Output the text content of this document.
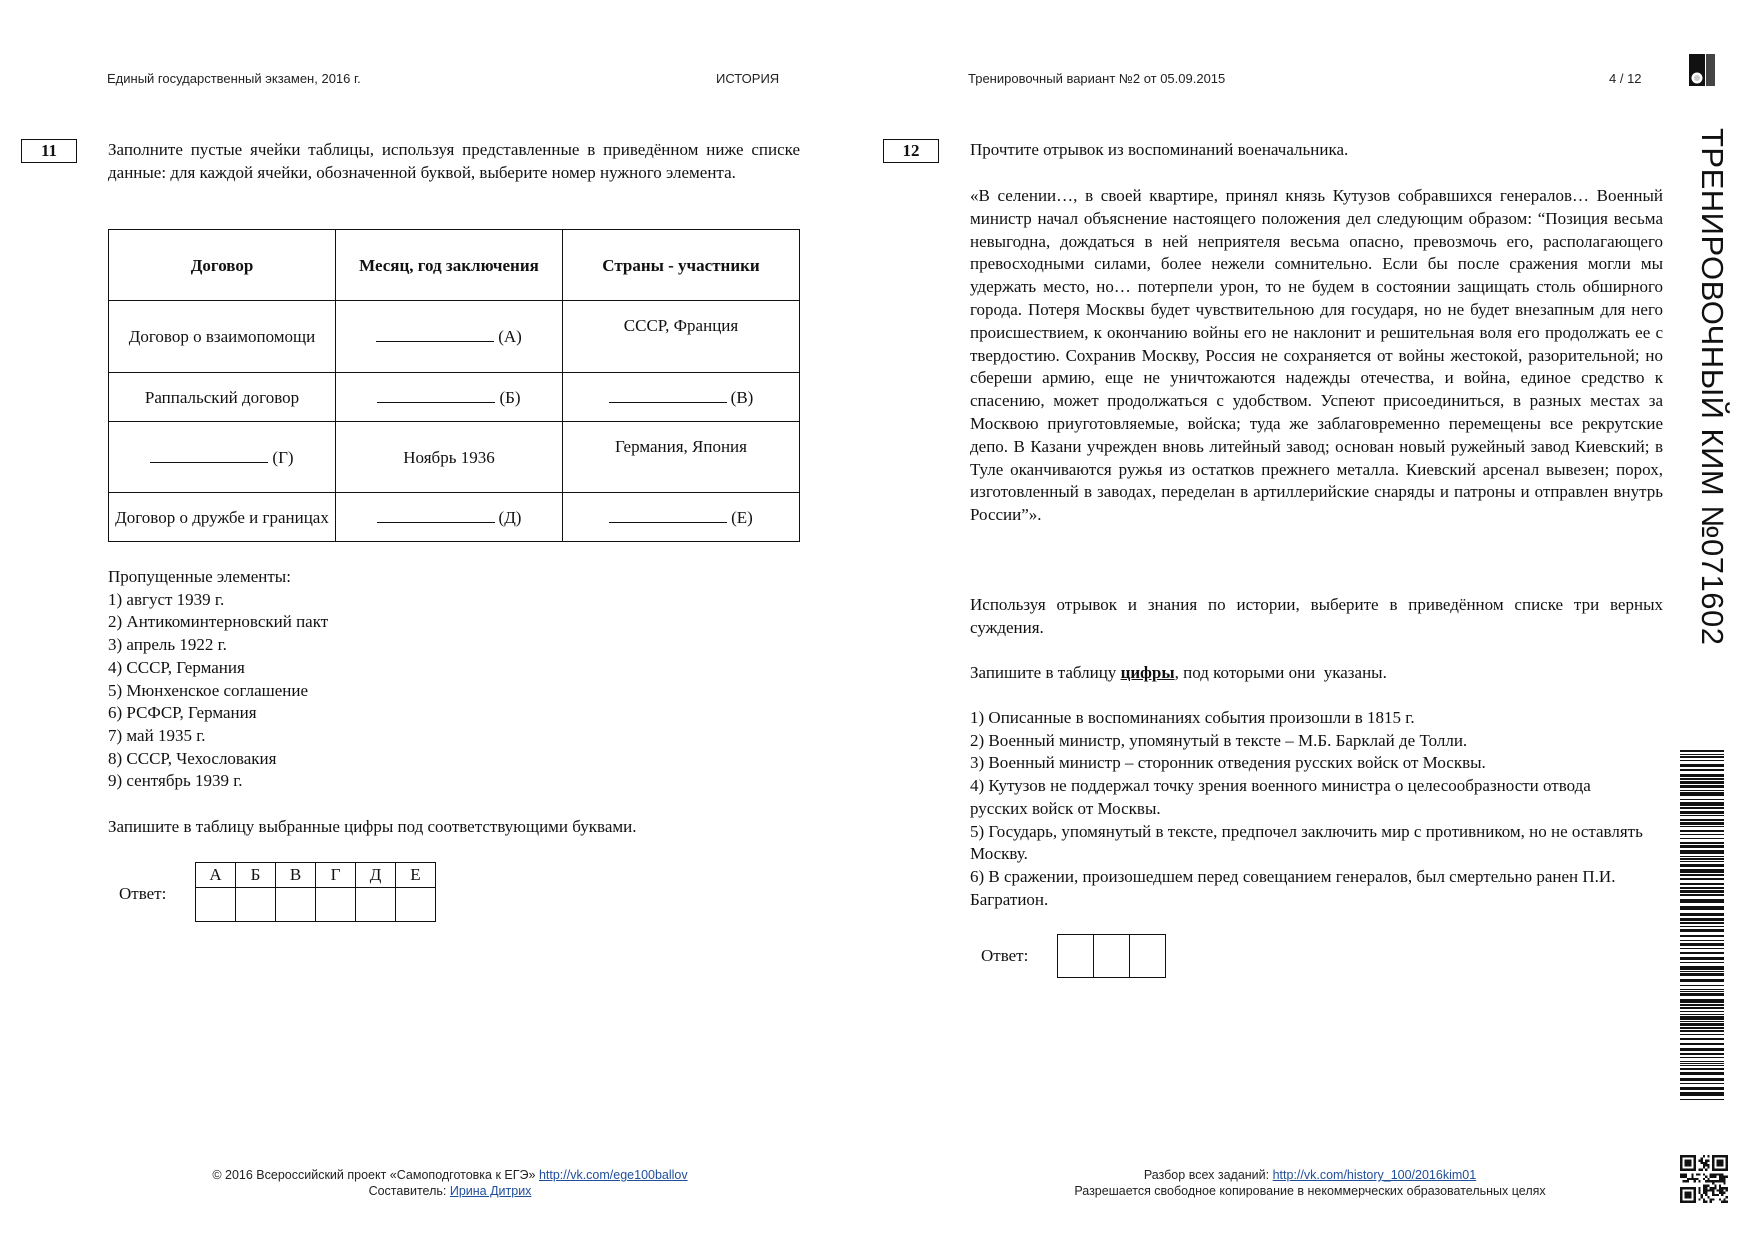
Единый государственный экзамен, 2016 г.	ИСТОРИЯ	Тренировочный вариант №2 от 05.09.2015	4 / 12
11	Заполните пустые ячейки таблицы, используя представленные в приведённом ниже списке данные: для каждой ячейки, обозначенной буквой, выберите номер нужного элемента.
Договор	Месяц, год заключения	Страны - участники
Договор о взаимопомощи	(А)	СССР, Франция
Раппальский договор	(Б)	(В)
(Г)	Ноябрь 1936	Германия, Япония
Договор о дружбе и границах	(Д)	(Е)
Пропущенные элементы:
1) август 1939 г.
2) Антикоминтерновский пакт
3) апрель 1922 г.
4) СССР, Германия
5) Мюнхенское соглашение
6) РСФСР, Германия
7) май 1935 г.
8) СССР, Чехословакия
9) сентябрь 1939 г.
Запишите в таблицу выбранные цифры под соответствующими буквами.
Ответ:
А	Б	В	Г	Д	Е

12	Прочтите отрывок из воспоминаний военачальника.
«В селении…, в своей квартире, принял князь Кутузов собравшихся генералов… Военный министр начал объяснение настоящего положения дел следующим образом: “Позиция весьма невыгодна, дождаться в ней неприятеля весьма опасно, превозмочь его, располагающего превосходными силами, более нежели сомнительно. Если бы после сражения могли мы удержать место, но… потерпели урон, то не будем в состоянии защищать столь обширного города. Потеря Москвы будет чувствительною для государя, но не будет внезапным для него происшествием, к окончанию войны его не наклонит и решительная воля его продолжать ее с твердостию. Сохранив Москву, Россия не сохраняется от войны жестокой, разорительной; но сбереши армию, еще не уничтожаются надежды отечества, и война, единое средство к спасению, может продолжаться с удобством. Успеют присоединиться, в разных местах за Москвою приуготовляемые, войска; туда же заблаговременно перемещены все рекрутские депо. В Казани учрежден вновь литейный завод; основан новый ружейный завод Киевский; в Туле оканчиваются ружья из остатков прежнего металла. Киевский арсенал вывезен; порох, изготовленный в заводах, переделан в артиллерийские снаряды и патроны и отправлен внутрь России”».
Используя отрывок и знания по истории, выберите в приведённом списке три верных суждения.
Запишите в таблицу цифры, под которыми они  указаны.
1) Описанные в воспоминаниях события произошли в 1815 г.
2) Военный министр, упомянутый в тексте – М.Б. Барклай де Толли.
3) Военный министр – сторонник отведения русских войск от Москвы.
4) Кутузов не поддержал точку зрения военного министра о целесообразности отвода русских войск от Москвы.
5) Государь, упомянутый в тексте, предпочел заключить мир с противником, но не оставлять Москву.
6) В сражении, произошедшем перед совещанием генералов, был смертельно ранен П.И. Багратион.
Ответ:

ТРЕНИРОВОЧНЫЙ КИМ №071602
© 2016 Всероссийский проект «Самоподготовка к ЕГЭ» http://vk.com/ege100ballov
Составитель: Ирина Дитрих
Разбор всех заданий: http://vk.com/history_100/2016kim01
Разрешается свободное копирование в некоммерческих образовательных целях
